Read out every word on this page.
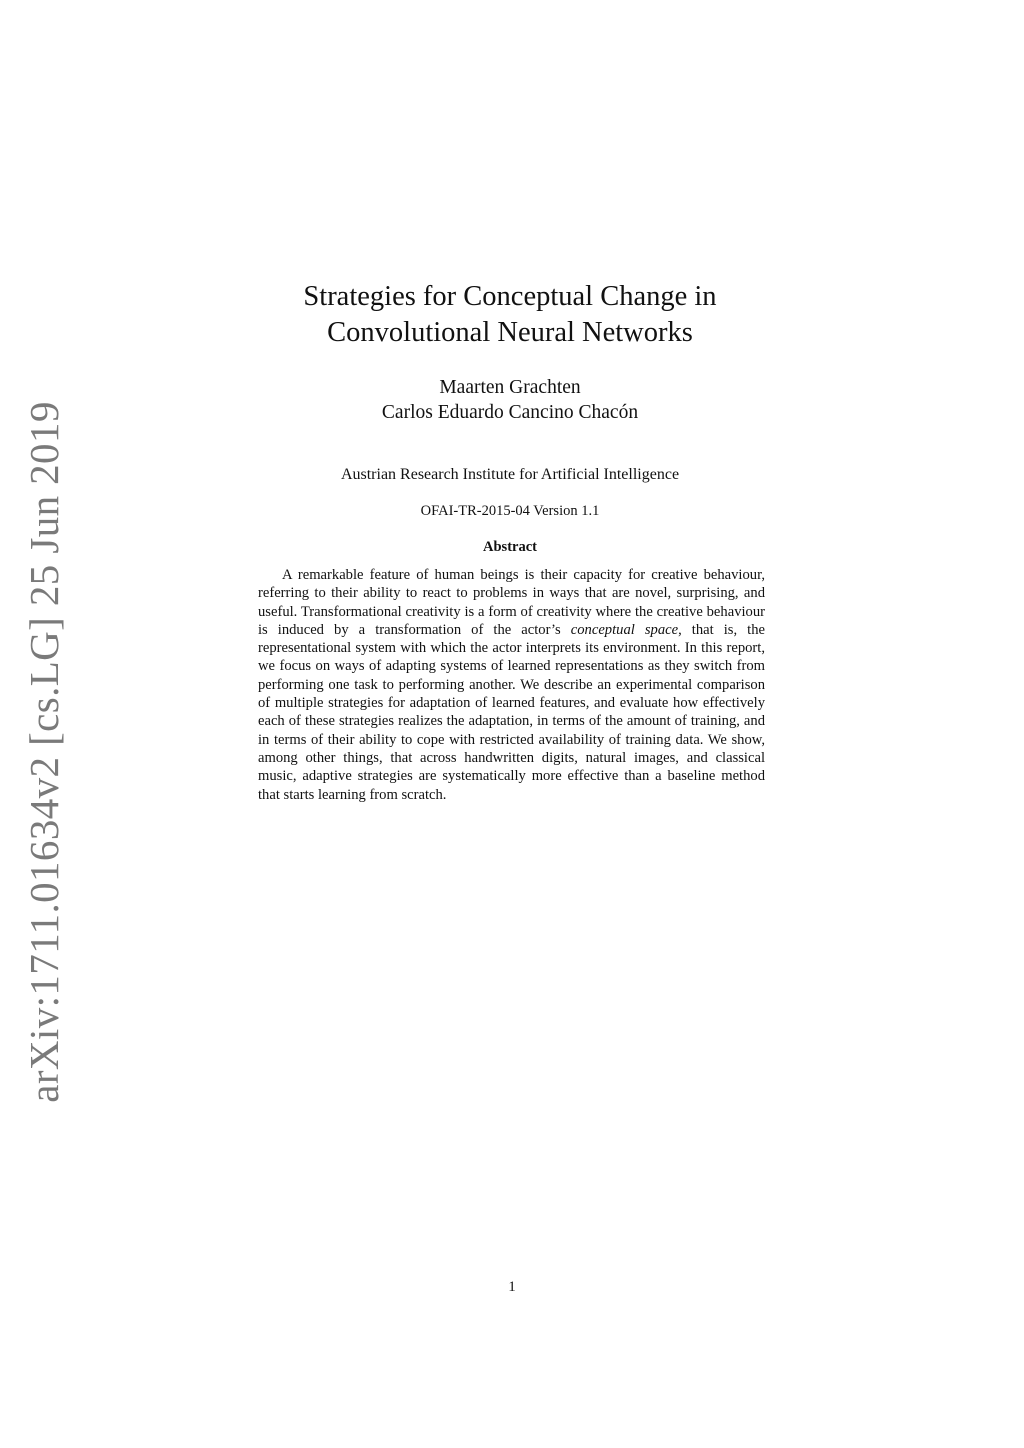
arXiv:1711.01634v2 [cs.LG] 25 Jun 2019
Strategies for Conceptual Change in
Convolutional Neural Networks
Maarten Grachten
Carlos Eduardo Cancino Chacón
Austrian Research Institute for Artificial Intelligence
OFAI-TR-2015-04 Version 1.1
Abstract

A remarkable feature of human beings is their capacity for creative behaviour, referring to their ability to react to problems in ways that are novel, surprising, and useful. Transformational creativity is a form of creativity where the creative behaviour is induced by a transformation of the actor’s conceptual space, that is, the representational system with which the actor interprets its environment. In this report, we focus on ways of adapting systems of learned representations as they switch from performing one task to performing another. We describe an experimental comparison of multiple strategies for adaptation of learned features, and evaluate how effectively each of these strategies realizes the adaptation, in terms of the amount of training, and in terms of their ability to cope with restricted availability of training data. We show, among other things, that across handwritten digits, natural images, and classical music, adaptive strategies are systematically more effective than a baseline method that starts learning from scratch.

1
